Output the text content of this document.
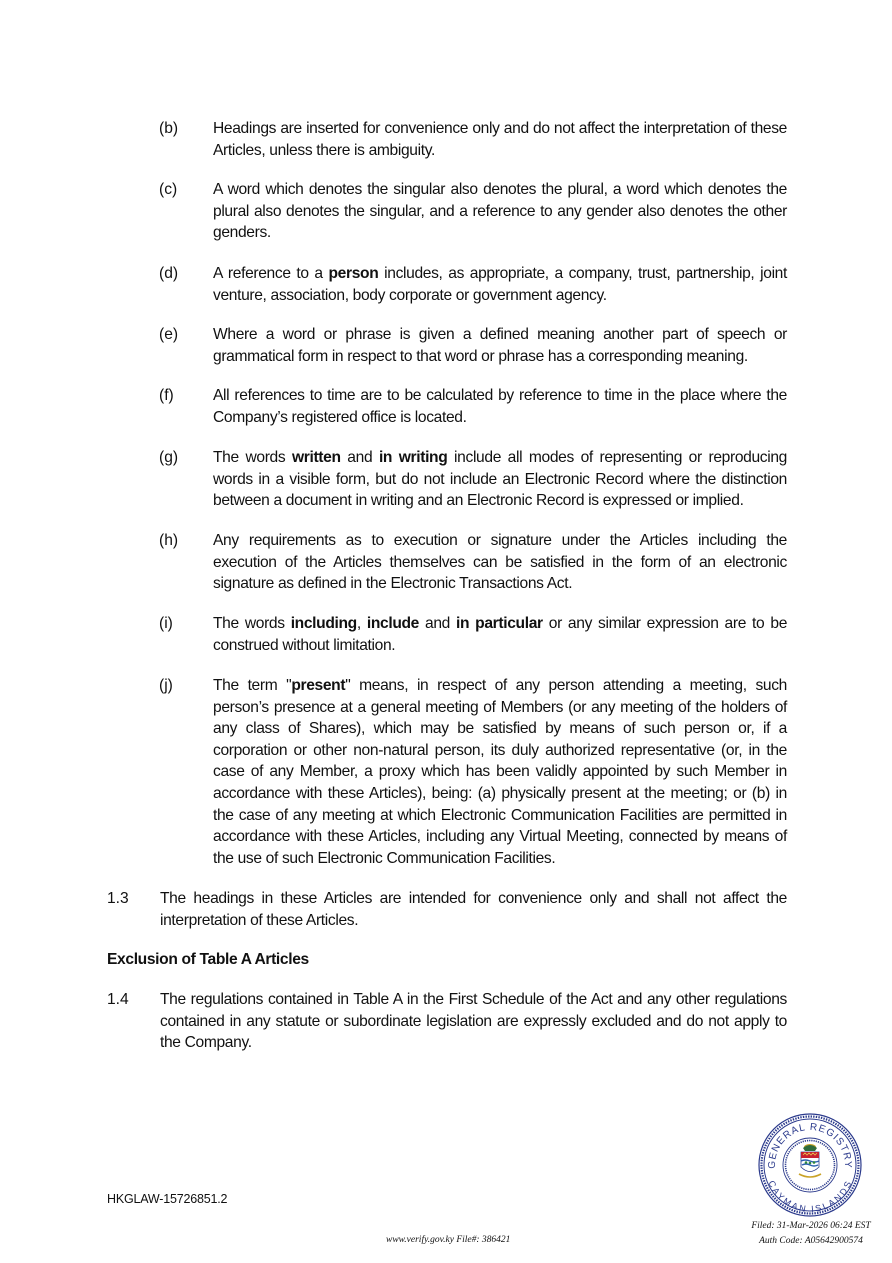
(b) Headings are inserted for convenience only and do not affect the interpretation of these Articles, unless there is ambiguity.
(c) A word which denotes the singular also denotes the plural, a word which denotes the plural also denotes the singular, and a reference to any gender also denotes the other genders.
(d) A reference to a person includes, as appropriate, a company, trust, partnership, joint venture, association, body corporate or government agency.
(e) Where a word or phrase is given a defined meaning another part of speech or grammatical form in respect to that word or phrase has a corresponding meaning.
(f)	All references to time are to be calculated by reference to time in the place where the Company’s registered office is located.
(g) The words written and in writing include all modes of representing or reproducing words in a visible form, but do not include an Electronic Record where the distinction between a document in writing and an Electronic Record is expressed or implied.
(h) Any requirements as to execution or signature under the Articles including the execution of the Articles themselves can be satisfied in the form of an electronic signature as defined in the Electronic Transactions Act.
(i)	The words including, include and in particular or any similar expression are to be construed without limitation.
(j)	The term "present" means, in respect of any person attending a meeting, such person’s presence at a general meeting of Members (or any meeting of the holders of any class of Shares), which may be satisfied by means of such person or, if a corporation or other non-natural person, its duly authorized representative (or, in the case of any Member, a proxy which has been validly appointed by such Member in accordance with these Articles), being: (a) physically present at the meeting; or (b) in the case of any meeting at which Electronic Communication Facilities are permitted in accordance with these Articles, including any Virtual Meeting, connected by means of the use of such Electronic Communication Facilities.
1.3 The headings in these Articles are intended for convenience only and shall not affect the interpretation of these Articles.
Exclusion of Table A Articles
1.4 The regulations contained in Table A in the First Schedule of the Act and any other regulations contained in any statute or subordinate legislation are expressly excluded and do not apply to the Company.
HKGLAW-15726851.2
GENERAL REGISTRY
CAYMAN ISLANDS
Filed: 31-Mar-2026 06:24 EST
Auth Code: A05642900574
www.verify.gov.ky File#: 386421
